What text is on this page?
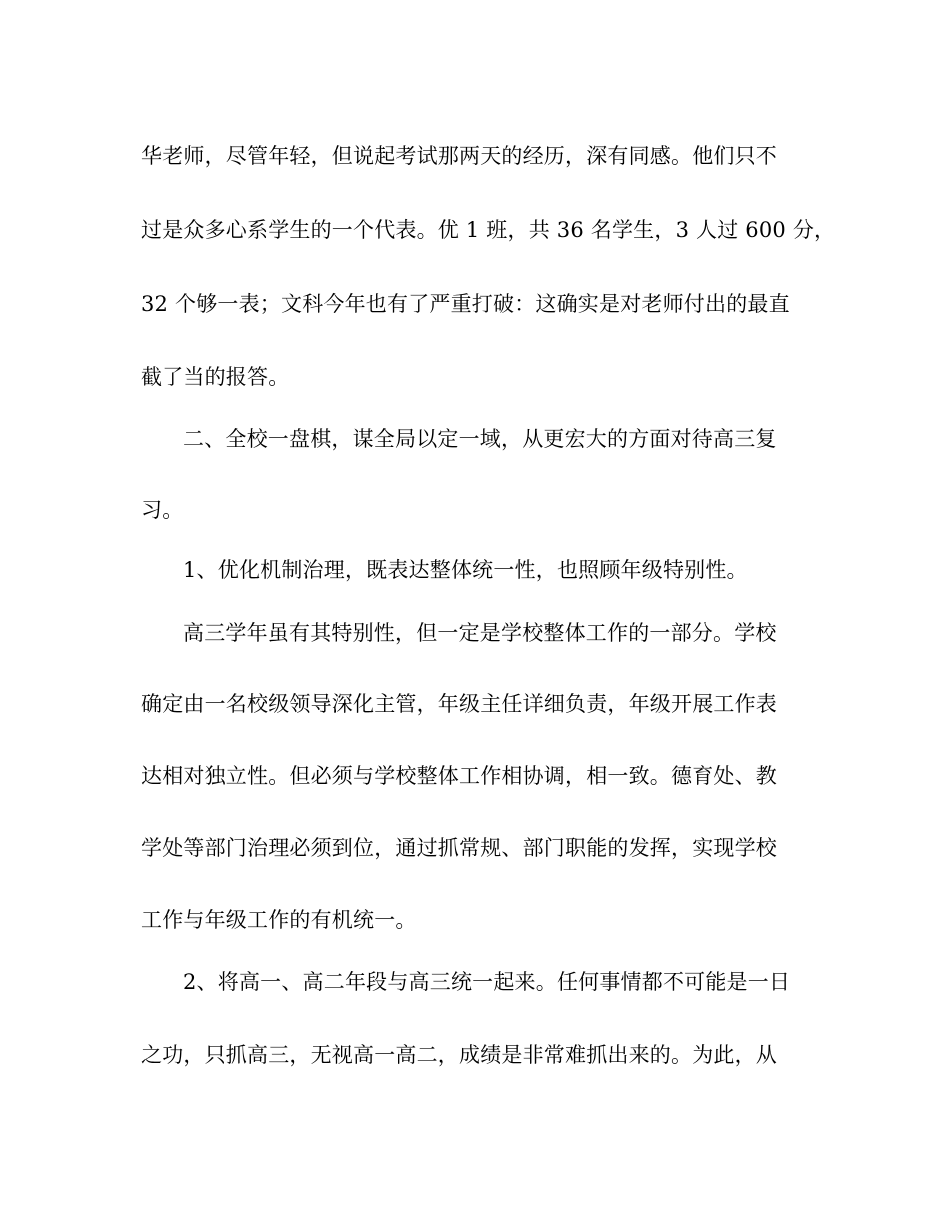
华老师，尽管年轻，但说起考试那两天的经历，深有同感。他们只不
过是众多心系学生的一个代表。优 1 班，共 36 名学生，3 人过 600 分，
32 个够一表；文科今年也有了严重打破：这确实是对老师付出的最直
截了当的报答。
二、全校一盘棋，谋全局以定一域，从更宏大的方面对待高三复
习。
1、优化机制治理，既表达整体统一性，也照顾年级特别性。
高三学年虽有其特别性，但一定是学校整体工作的一部分。学校
确定由一名校级领导深化主管，年级主任详细负责，年级开展工作表
达相对独立性。但必须与学校整体工作相协调，相一致。德育处、教
学处等部门治理必须到位，通过抓常规、部门职能的发挥，实现学校
工作与年级工作的有机统一。
2、将高一、高二年段与高三统一起来。任何事情都不可能是一日
之功，只抓高三，无视高一高二，成绩是非常难抓出来的。为此，从
